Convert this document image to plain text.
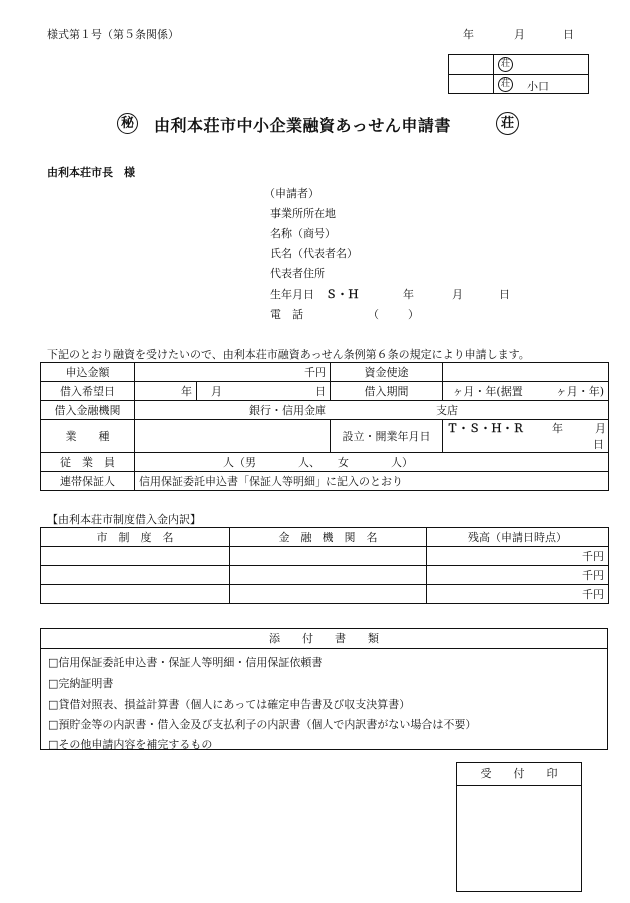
様式第１号（第５条関係）	年	月	日
荘
荘 小口
秘 由利本荘市中小企業融資あっせん申請書	荘
由利本荘市長　様
（申請者）
事業所所在地
名称（商号）
氏名（代表者名）
代表者住所
生年月日 Ｓ・Ｈ	年	月	日
電　話	（	）
下記のとおり融資を受けたいので、由利本荘市融資あっせん条例第６条の規定により申請します。
申込金額	千円		資金使途	
借入希望日	年	月 日	借入期間	ヶ月・年(据置　　　ヶ月・年)
借入金融機関	銀行・信用金庫 支店			
業　　種			設立・開業年月日	Ｔ・Ｓ・Ｈ・Ｒ 年 月
日

従　業　員	人（男 人、 女 人）			
連帯保証人	信用保証委託申込書「保証人等明細」に記入のとおり			
【由利本荘市制度借入金内訳】
市　制　度　名	金　融　機　関　名	残高（申請日時点）
		千円
		千円
		千円
添　　付　　書　　類
□信用保証委託申込書・保証人等明細・信用保証依頼書
□完納証明書
□貸借対照表、損益計算書（個人にあっては確定申告書及び収支決算書）
□預貯金等の内訳書・借入金及び支払利子の内訳書（個人で内訳書がない場合は不要）
□その他申請内容を補完するもの
受　　付　　印
